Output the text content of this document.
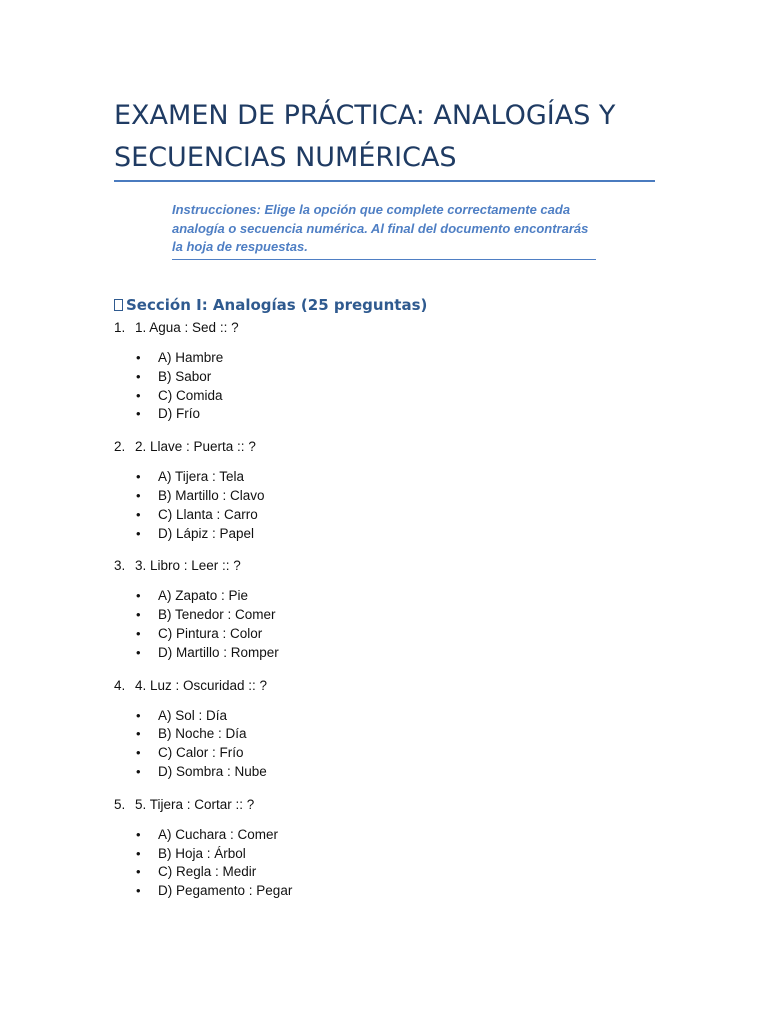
EXAMEN DE PRÁCTICA: ANALOGÍAS Y SECUENCIAS NUMÉRICAS

Instrucciones: Elige la opción que complete correctamente cada analogía o secuencia numérica. Al final del documento encontrarás la hoja de respuestas.

Sección I: Analogías (25 preguntas)
1. 1. Agua : Sed :: ?
• A) Hambre
• B) Sabor
• C) Comida
• D) Frío
2. 2. Llave : Puerta :: ?
• A) Tijera : Tela
• B) Martillo : Clavo
• C) Llanta : Carro
• D) Lápiz : Papel
3. 3. Libro : Leer :: ?
• A) Zapato : Pie
• B) Tenedor : Comer
• C) Pintura : Color
• D) Martillo : Romper
4. 4. Luz : Oscuridad :: ?
• A) Sol : Día
• B) Noche : Día
• C) Calor : Frío
• D) Sombra : Nube
5. 5. Tijera : Cortar :: ?
• A) Cuchara : Comer
• B) Hoja : Árbol
• C) Regla : Medir
• D) Pegamento : Pegar
